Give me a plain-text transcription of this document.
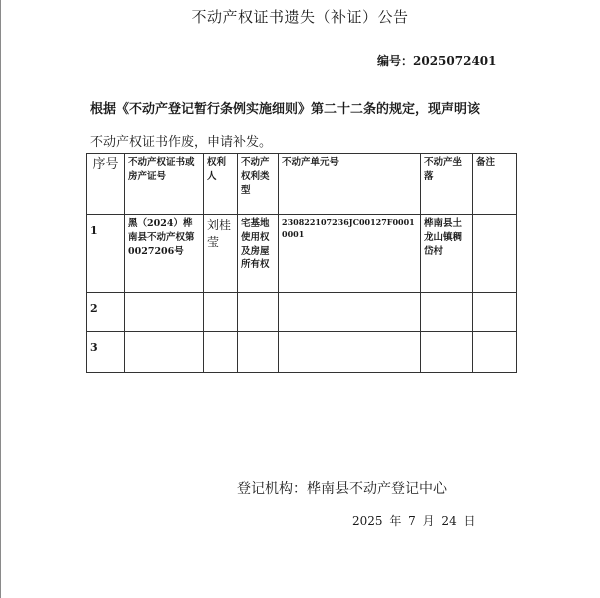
不动产权证书遗失（补证）公告
编号：2025072401
根据《不动产登记暂行条例实施细则》第二十二条的规定，现声明该
不动产权证书作废，申请补发。
序号	不动产权证书或房产证号	权利人	不动产权利类型	不动产单元号	不动产坐落	备注
1	黑（2024）桦南县不动产权第0027206号	刘桂莹	宅基地使用权及房屋所有权	230822107236JC00127F00010001	桦南县土龙山镇稠岱村	
2						
3						
登记机构：桦南县不动产登记中心
2025 年 7 月 24 日
